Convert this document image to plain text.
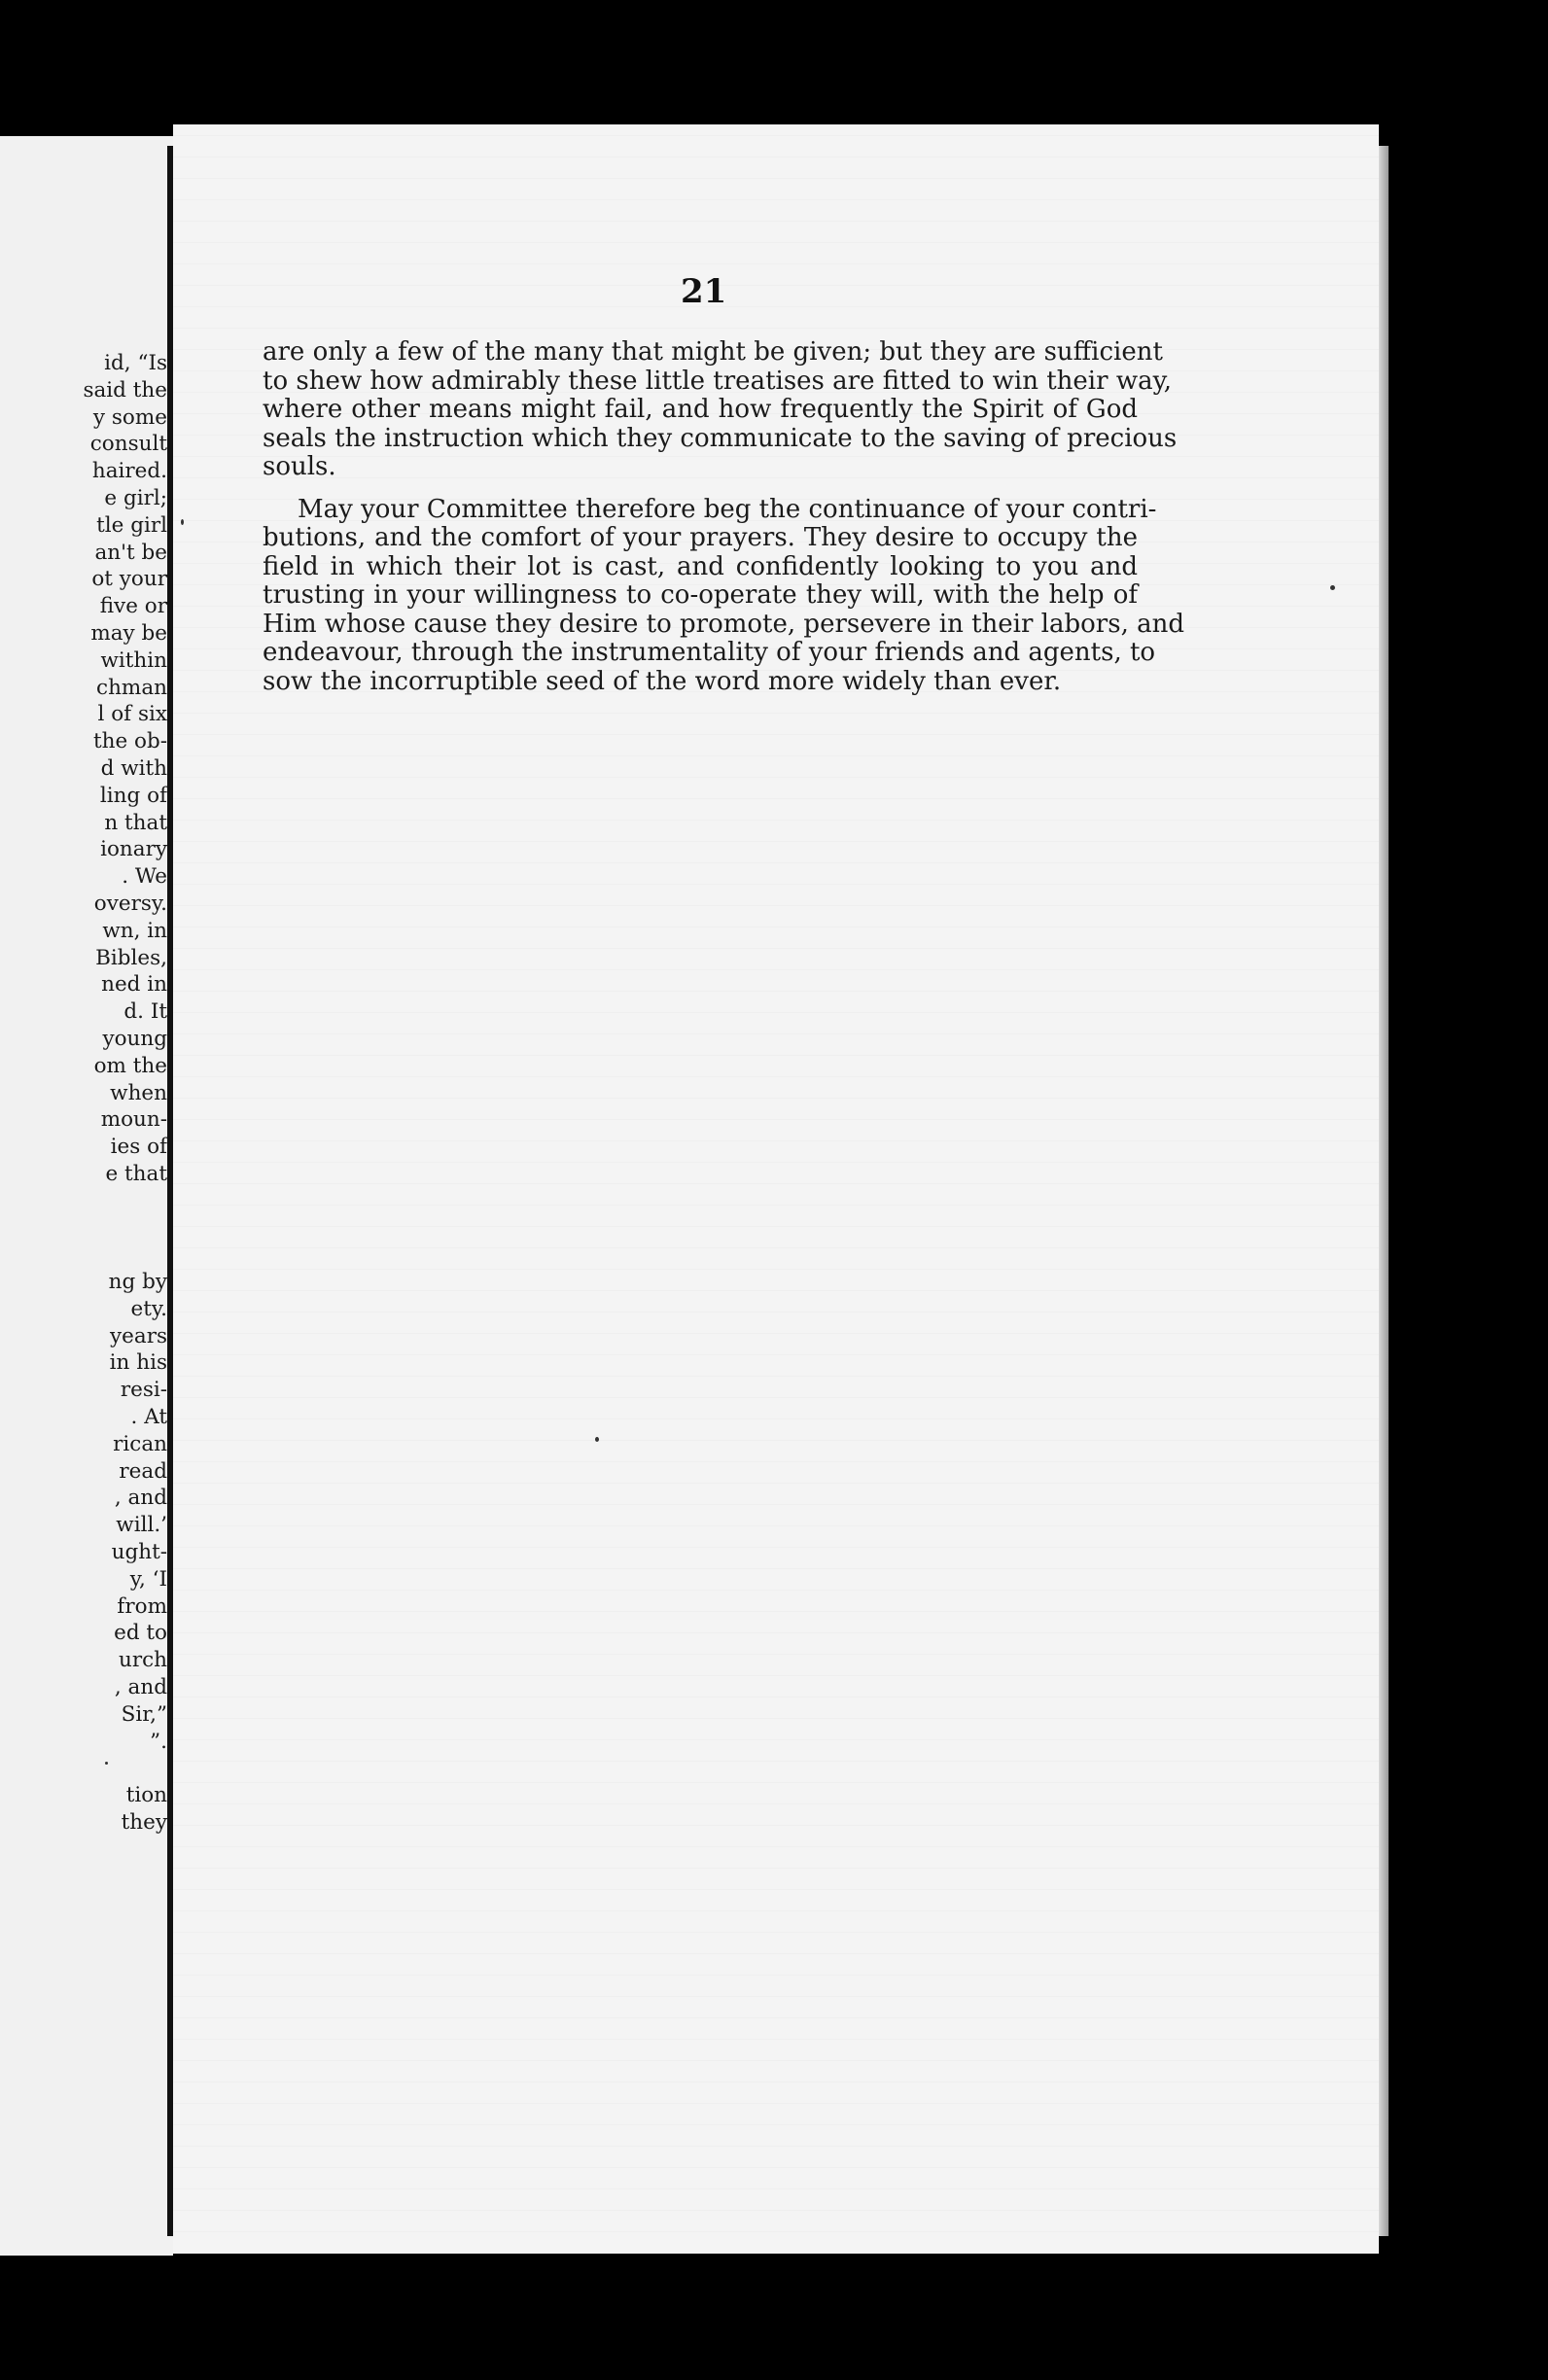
id, “Is
said the
y some
consult
haired.
e girl;
tle girl
an't be
ot your
five or
may be
within
chman
l of six
the ob-
d with
ling of
n that
ionary
. We
oversy.
wn, in
Bibles,
ned in
d. It
young
om the
when
moun-
ies of
e that
ng by
ety.
years
in his
resi-
. At
rican
read
, and
will.’
ught-
y, ‘I
from
ed to
urch
, and
Sir,”
”.
tion
they
21

are only a few of the many that might be given; but they are sufficient
to shew how admirably these little treatises are fitted to win their way,
where other means might fail, and how frequently the Spirit of God
seals the instruction which they communicate to the saving of precious
souls.

May your Committee therefore beg the continuance of your contri-
butions, and the comfort of your prayers. They desire to occupy the
field in which their lot is cast, and confidently looking to you and
trusting in your willingness to co-operate they will, with the help of
Him whose cause they desire to promote, persevere in their labors, and
endeavour, through the instrumentality of your friends and agents, to
sow the incorruptible seed of the word more widely than ever.
